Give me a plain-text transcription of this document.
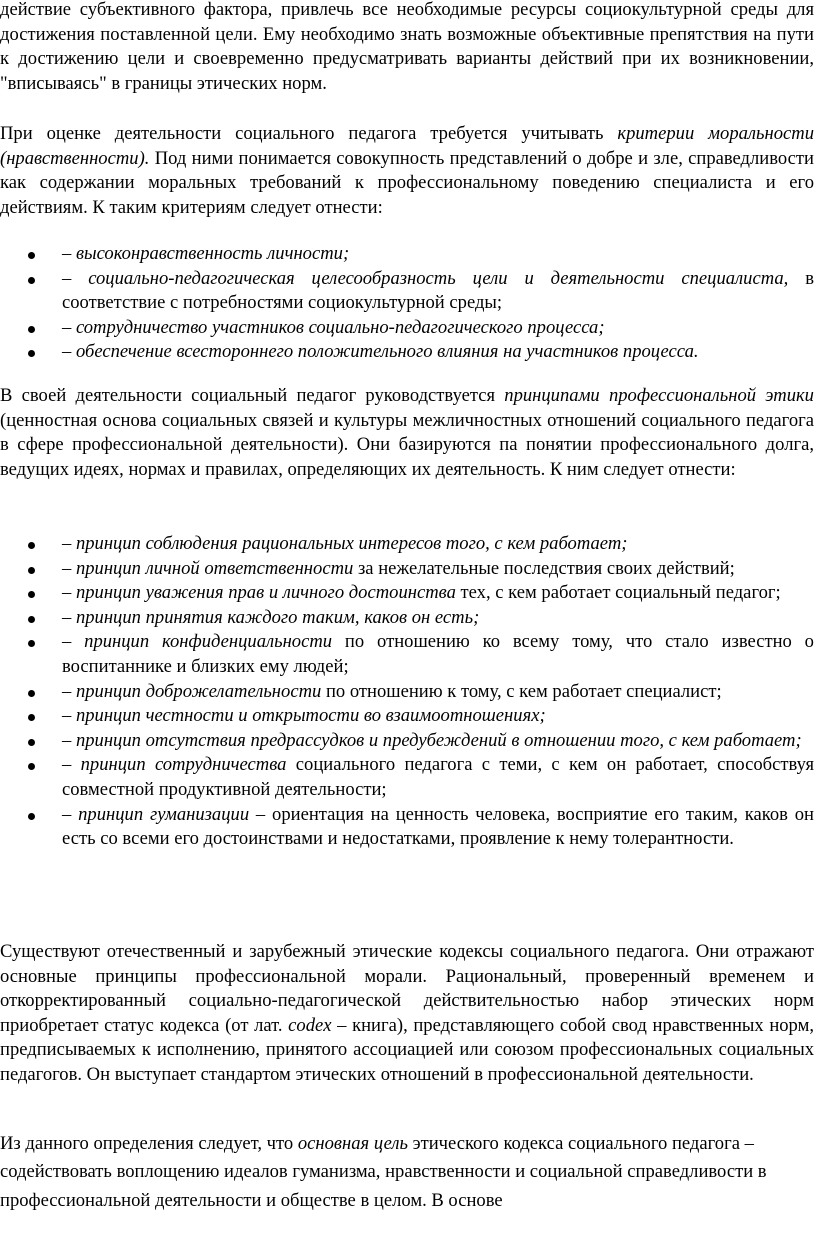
действие субъективного фактора, привлечь все необходимые ресурсы социокультурной среды для достижения поставленной цели. Ему необходимо знать возможные объективные препятствия на пути к достижению цели и своевременно предусматривать варианты действий при их возникновении, "вписываясь" в границы этических норм.

При оценке деятельности социального педагога требуется учитывать критерии моральности (нравственности). Под ними понимается совокупность представлений о добре и зле, справедливости как содержании моральных требований к профессиональному поведению специалиста и его действиям. К таким критериям следует отнести:

– высоконравственность личности;
– социально-педагогическая целесообразность цели и деятельности специалиста, в соответствие с потребностями социокультурной среды;
– сотрудничество участников социально-педагогического процесса;
– обеспечение всестороннего положительного влияния на участников процесса.

В своей деятельности социальный педагог руководствуется принципами профессиональной этики (ценностная основа социальных связей и культуры межличностных отношений социального педагога в сфере профессиональной деятельности). Они базируются па понятии профессионального долга, ведущих идеях, нормах и правилах, определяющих их деятельность. К ним следует отнести:

– принцип соблюдения рациональных интересов того, с кем работает;
– принцип личной ответственности за нежелательные последствия своих действий;
– принцип уважения прав и личного достоинства тех, с кем работает социальный педагог;
– принцип принятия каждого таким, каков он есть;
– принцип конфиденциальности по отношению ко всему тому, что стало известно о воспитаннике и близких ему людей;
– принцип доброжелательности по отношению к тому, с кем работает специалист;
– принцип честности и открытости во взаимоотношениях;
– принцип отсутствия предрассудков и предубеждений в отношении того, с кем работает;
– принцип сотрудничества социального педагога с теми, с кем он работает, способствуя совместной продуктивной деятельности;
– принцип гуманизации – ориентация на ценность человека, восприятие его таким, каков он есть со всеми его достоинствами и недостатками, проявление к нему толерантности.

Существуют отечественный и зарубежный этические кодексы социального педагога. Они отражают основные принципы профессиональной морали. Рациональный, проверенный временем и откорректированный социально-педагогической действительностью набор этических норм приобретает статус кодекса (от лат. codex – книга), представляющего собой свод нравственных норм, предписываемых к исполнению, принятого ассоциацией или союзом профессиональных социальных педагогов. Он выступает стандартом этических отношений в профессиональной деятельности.

Из данного определения следует, что основная цель этического кодекса социального педагога – содействовать воплощению идеалов гуманизма, нравственности и социальной справедливости в профессиональной деятельности и обществе в целом. В основе
